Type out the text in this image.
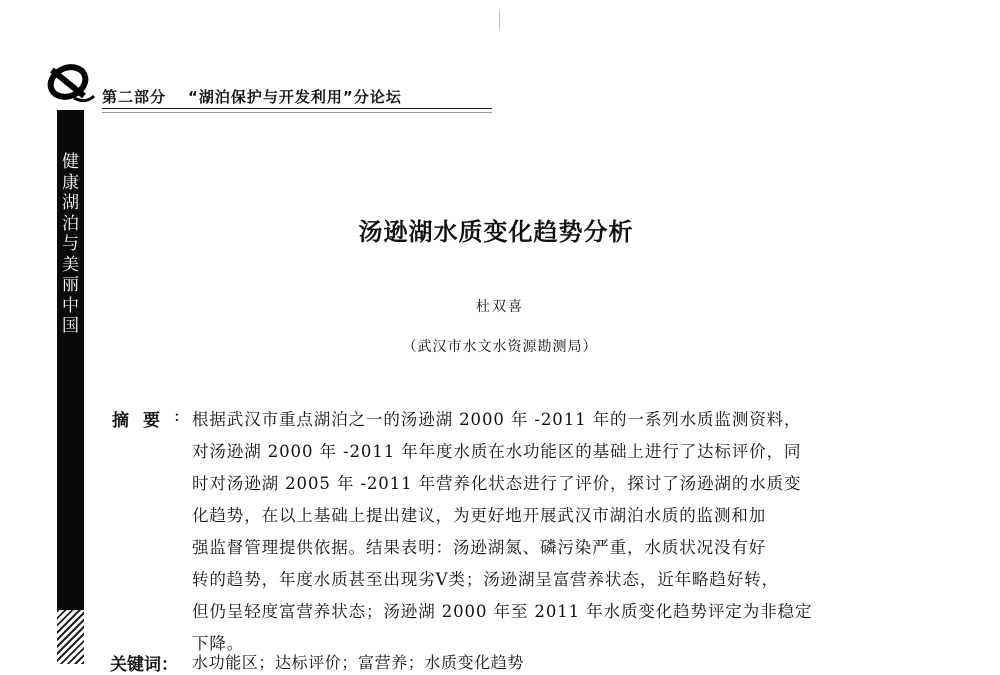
第二部分 “湖泊保护与开发利用”分论坛
健
康
湖
泊
与
美
丽
中
国
汤逊湖水质变化趋势分析
杜双喜
（武汉市水文水资源勘测局）
摘要 : 根据武汉市重点湖泊之一的汤逊湖 2000 年 -2011 年的一系列水质监测资料，
对汤逊湖 2000 年 -2011 年年度水质在水功能区的基础上进行了达标评价，同
时对汤逊湖 2005 年 -2011 年营养化状态进行了评价，探讨了汤逊湖的水质变
化趋势，在以上基础上提出建议，为更好地开展武汉市湖泊水质的监测和加
强监督管理提供依据。结果表明：汤逊湖氮、磷污染严重，水质状况没有好
转的趋势，年度水质甚至出现劣Ⅴ类；汤逊湖呈富营养状态，近年略趋好转，
但仍呈轻度富营养状态；汤逊湖 2000 年至 2011 年水质变化趋势评定为非稳定
下降。
关键词： 水功能区；达标评价；富营养；水质变化趋势
